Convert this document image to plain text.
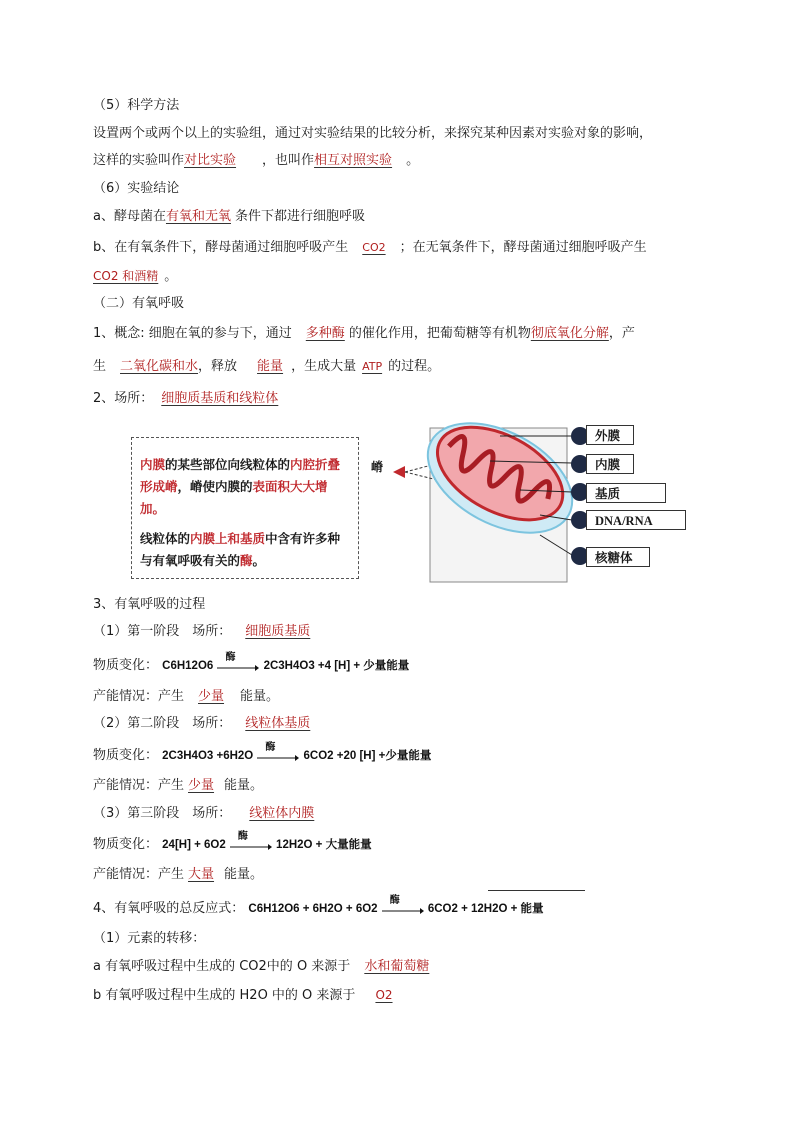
（5）科学方法
设置两个或两个以上的实验组，通过对实验结果的比较分析，来探究某种因素对实验对象的影响，
这样的实验叫作对比实验 ，也叫作相互对照实验 。
（6）实验结论
a、酵母菌在有氧和无氧 条件下都进行细胞呼吸
b、在有氧条件下，酵母菌通过细胞呼吸产生 CO2 ；在无氧条件下，酵母菌通过细胞呼吸产生
CO2 和酒精 。
（二）有氧呼吸
1、概念: 细胞在氧的参与下，通过 多种酶 的催化作用，把葡萄糖等有机物彻底氧化分解，产
生 二氧化碳和水，释放 能量 ，生成大量 ATP 的过程。
2、场所： 细胞质基质和线粒体

内膜的某些部位向线粒体的内腔折叠形成嵴，嵴使内膜的表面积大大增加。

线粒体的内膜上和基质中含有许多种与有氧呼吸有关的酶。

嵴
外膜
内膜
基质
DNA/RNA
核糖体
3、有氧呼吸的过程
（1）第一阶段　场所： 细胞质基质
物质变化： C6H12O6
酶
2C3H4O3 +4 [H] + 少量能量
产能情况：产生 少量 能量。
（2）第二阶段　场所： 线粒体基质
物质变化： 2C3H4O3 +6H2O
酶
6CO2 +20 [H] +少量能量
产能情况：产生 少量 能量。
（3）第三阶段　场所： 线粒体内膜
物质变化： 24[H] + 6O2
酶
12H2O + 大量能量
产能情况：产生 大量 能量。
4、有氧呼吸的总反应式： C6H12O6 + 6H2O + 6O2
酶
6CO2 + 12H2O + 能量
（1）元素的转移：
a 有氧呼吸过程中生成的 CO2中的 O 来源于 水和葡萄糖
b 有氧呼吸过程中生成的 H2O 中的 O 来源于 O2
